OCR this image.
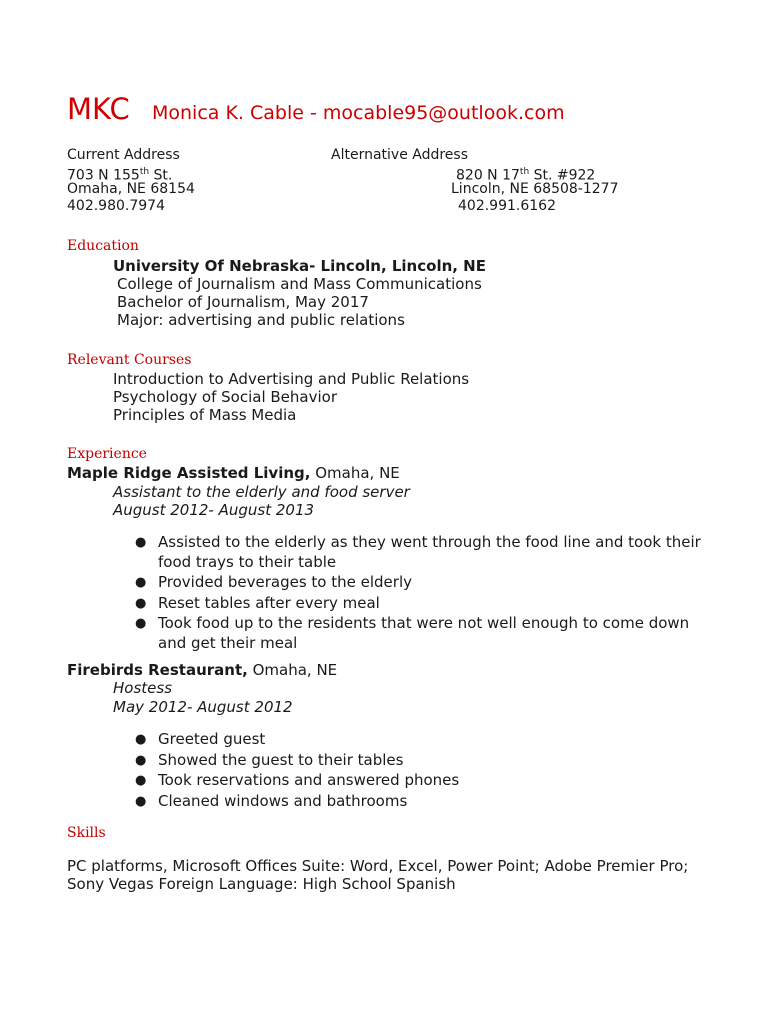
MKC Monica K. Cable - mocable95@outlook.com
Current Address
703 N 155th St.
Omaha, NE 68154
402.980.7974
Alternative Address
820 N 17th St. #922
Lincoln, NE 68508-1277
402.991.6162
Education
University Of Nebraska- Lincoln, Lincoln, NE
College of Journalism and Mass Communications
Bachelor of Journalism, May 2017
Major: advertising and public relations
Relevant Courses
Introduction to Advertising and Public Relations
Psychology of Social Behavior
Principles of Mass Media
Experience
Maple Ridge Assisted Living, Omaha, NE
Assistant to the elderly and food server
August 2012- August 2013
● Assisted to the elderly as they went through the food line and took their food trays to their table
● Provided beverages to the elderly
● Reset tables after every meal
● Took food up to the residents that were not well enough to come down and get their meal
Firebirds Restaurant, Omaha, NE
Hostess
May 2012- August 2012
● Greeted guest
● Showed the guest to their tables
● Took reservations and answered phones
● Cleaned windows and bathrooms
Skills
PC platforms, Microsoft Offices Suite: Word, Excel, Power Point; Adobe Premier Pro; Sony Vegas Foreign Language: High School Spanish
